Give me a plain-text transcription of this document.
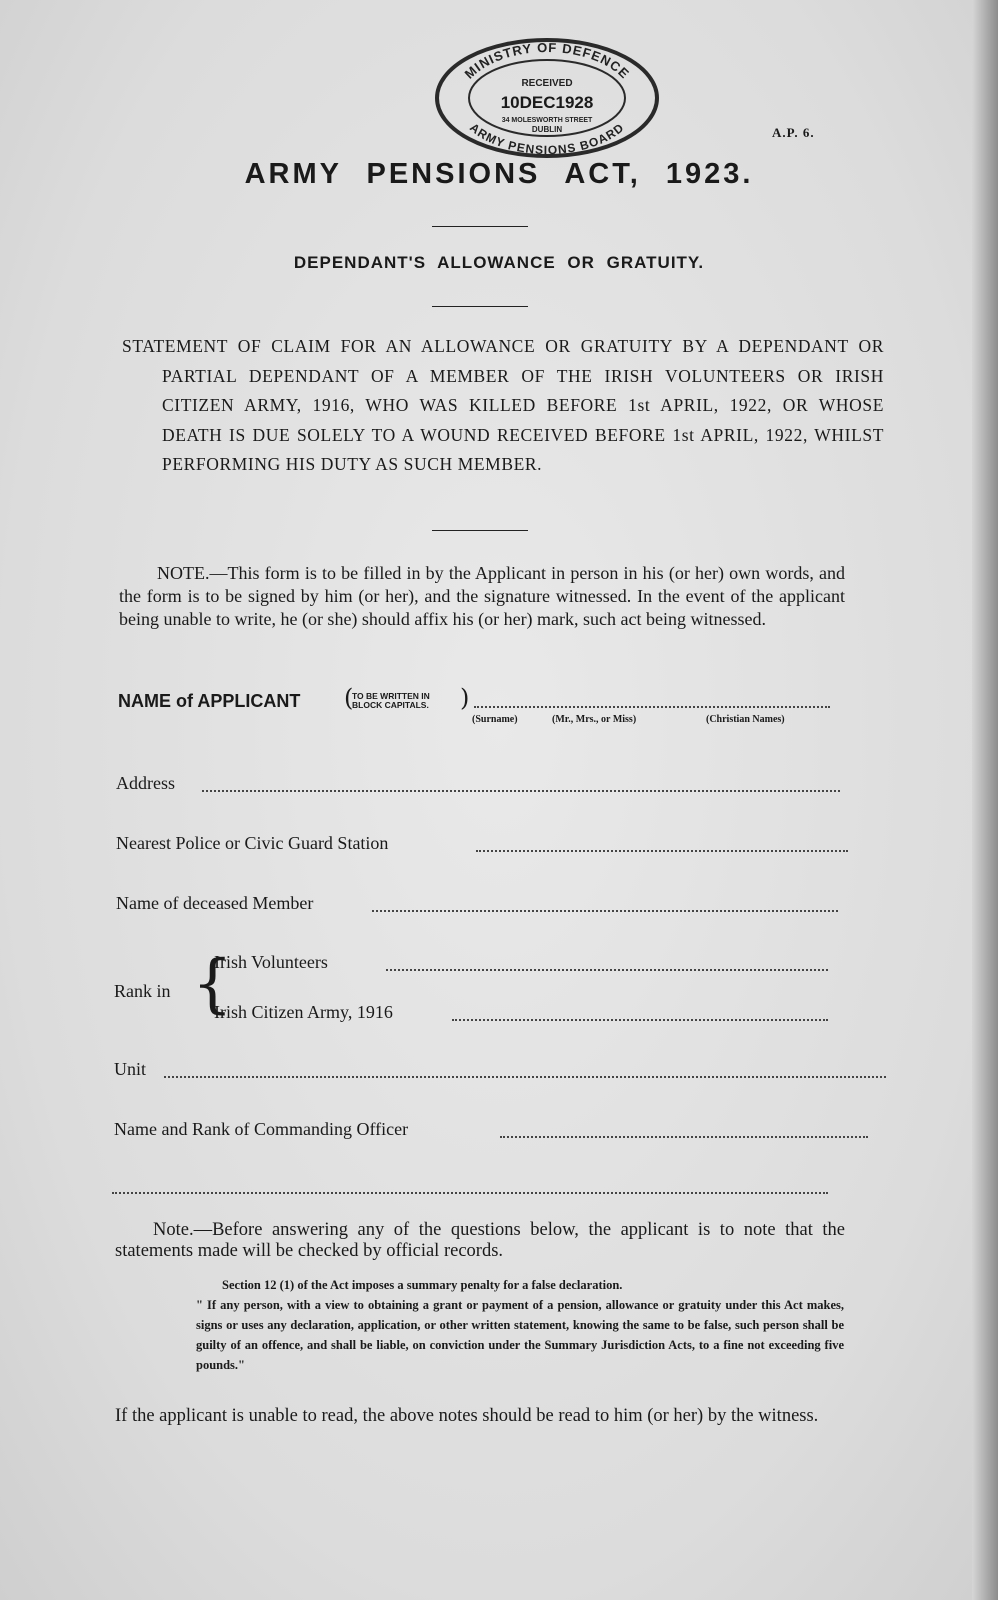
MINISTRY OF DEFENCE
ARMY PENSIONS BOARD
RECEIVED
10DEC1928
34 MOLESWORTH STREET
DUBLIN	A.P. 6.
ARMY PENSIONS ACT, 1923.
DEPENDANT'S ALLOWANCE OR GRATUITY.
STATEMENT OF CLAIM FOR AN ALLOWANCE OR GRATUITY BY A DEPENDANT OR PARTIAL DEPENDANT OF A MEMBER OF THE IRISH VOLUNTEERS OR IRISH CITIZEN ARMY, 1916, WHO WAS KILLED BEFORE 1st APRIL, 1922, OR WHOSE DEATH IS DUE SOLELY TO A WOUND RECEIVED BEFORE 1st APRIL, 1922, WHILST PERFORMING HIS DUTY AS SUCH MEMBER.
NOTE.—This form is to be filled in by the Applicant in person in his (or her) own words, and the form is to be signed by him (or her), and the signature witnessed. In the event of the applicant being unable to write, he (or she) should affix his (or her) mark, such act being witnessed.
NAME of APPLICANT (
TO BE WRITTEN IN
BLOCK CAPITALS. )
(Surname)	(Mr., Mrs., or Miss)	(Christian Names)
Address
Nearest Police or Civic Guard Station
Name of deceased Member
Rank in {
Irish Volunteers
Irish Citizen Army, 1916
Unit
Name and Rank of Commanding Officer
Note.—Before answering any of the questions below, the applicant is to note that the statements made will be checked by official records.

Section 12 (1) of the Act imposes a summary penalty for a false declaration.

" If any person, with a view to obtaining a grant or payment of a pension, allowance or gratuity under this Act makes, signs or uses any declaration, application, or other written statement, knowing the same to be false, such person shall be guilty of an offence, and shall be liable, on conviction under the Summary Jurisdiction Acts, to a fine not exceeding five pounds."

If the applicant is unable to read, the above notes should be read to him (or her) by the witness.
